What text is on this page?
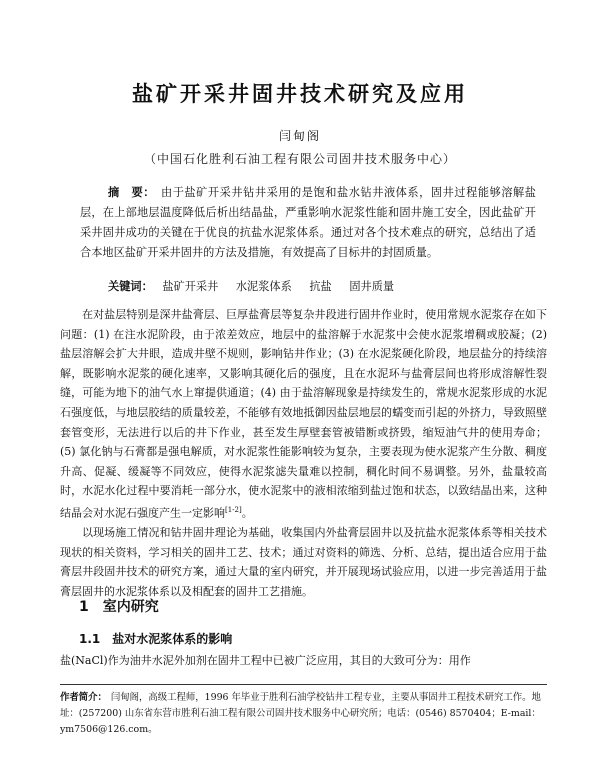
盐矿开采井固井技术研究及应用
闫甸阁
（中国石化胜利石油工程有限公司固井技术服务中心）
摘　要： 由于盐矿开采井钻井采用的是饱和盐水钻井液体系，固井过程能够溶解盐层，在上部地层温度降低后析出结晶盐，严重影响水泥浆性能和固井施工安全，因此盐矿开采井固井成功的关键在于优良的抗盐水泥浆体系。通过对各个技术难点的研究，总结出了适合本地区盐矿开采井固井的方法及措施，有效提高了目标井的封固质量。
关键词： 盐矿开采井 水泥浆体系 抗盐 固井质量

在对盐层特别是深井盐膏层、巨厚盐膏层等复杂井段进行固井作业时，使用常规水泥浆存在如下问题：(1) 在注水泥阶段，由于浓差效应，地层中的盐溶解于水泥浆中会使水泥浆增稠或胶凝；(2) 盐层溶解会扩大井眼，造成井壁不规则，影响钻井作业；(3) 在水泥浆硬化阶段，地层盐分的持续溶解，既影响水泥浆的硬化速率，又影响其硬化后的强度，且在水泥环与盐膏层间也将形成溶解性裂缝，可能为地下的油气水上窜提供通道；(4) 由于盐溶解现象是持续发生的，常规水泥浆形成的水泥石强度低，与地层胶结的质量较差，不能够有效地抵御因盐层地层的蠕变而引起的外挤力，导致照壁套管变形，无法进行以后的井下作业，甚至发生厚壁套管被错断或挤毁，缩短油气井的使用寿命；(5) 氯化钠与石膏都是强电解质，对水泥浆性能影响较为复杂，主要表现为使水泥浆产生分散、稠度升高、促凝、缓凝等不同效应，使得水泥浆滤失量难以控制，稠化时间不易调整。另外，盐量较高时，水泥水化过程中要消耗一部分水，使水泥浆中的液相浓缩到盐过饱和状态，以致结晶出来，这种结晶会对水泥石强度产生一定影响[1-2]。

以现场施工情况和钻井固井理论为基础，收集国内外盐膏层固井以及抗盐水泥浆体系等相关技术现状的相关资料，学习相关的固井工艺、技术；通过对资料的筛选、分析、总结，提出适合应用于盐膏层井段固井技术的研究方案，通过大量的室内研究，并开展现场试验应用，以进一步完善适用于盐膏层固井的水泥浆体系以及相配套的固井工艺措施。

1 室内研究
1.1 盐对水泥浆体系的影响
盐(NaCl)作为油井水泥外加剂在固井工程中已被广泛应用，其目的大致可分为：用作
作者简介： 闫甸阁，高级工程师，1996 年毕业于胜利石油学校钻井工程专业，主要从事固井工程技术研究工作。地址：(257200) 山东省东营市胜利石油工程有限公司固井技术服务中心研究所；电话：(0546) 8570404；E-mail：ym7506@126.com。
